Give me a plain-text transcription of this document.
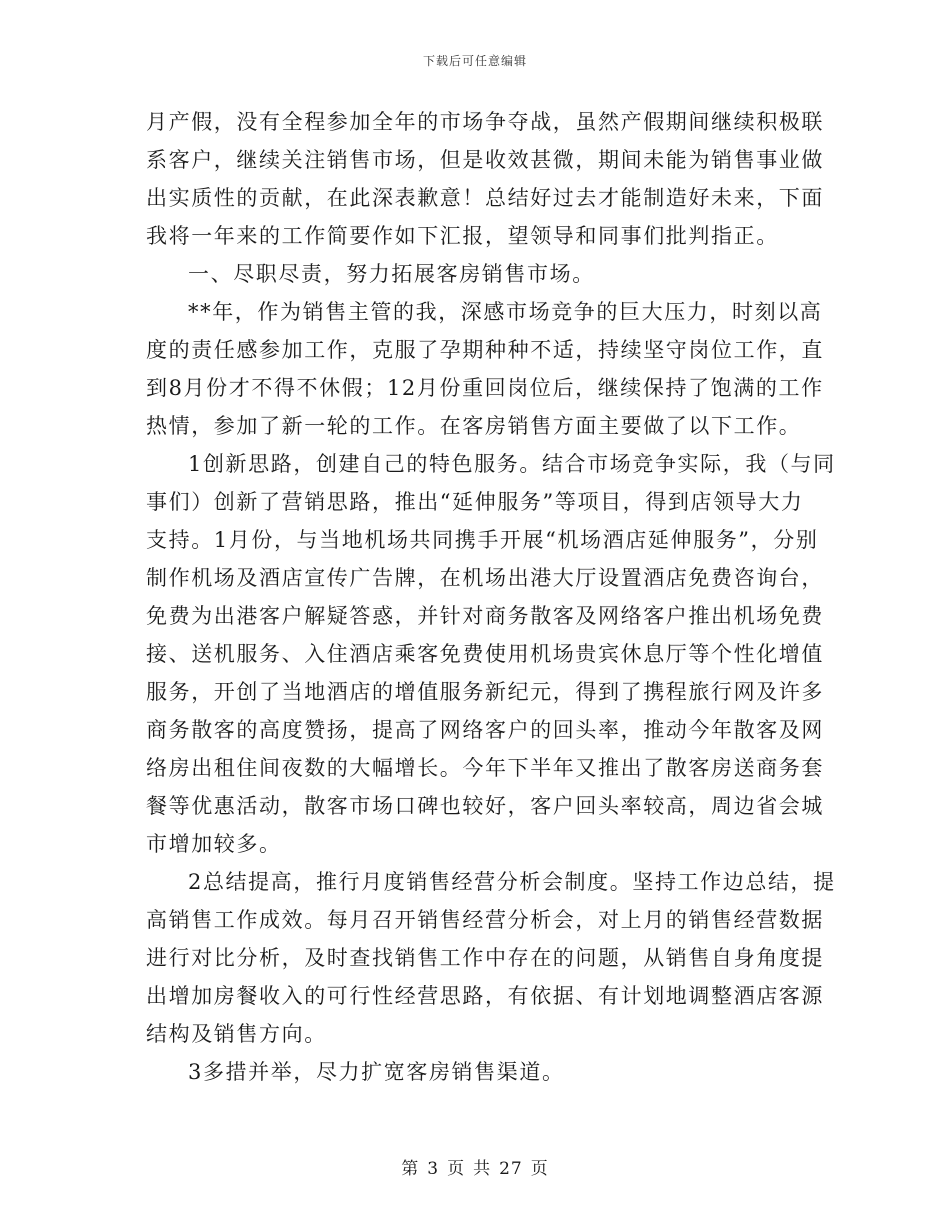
下载后可任意编辑
月产假，没有全程参加全年的市场争夺战，虽然产假期间继续积极联
系客户，继续关注销售市场，但是收效甚微，期间未能为销售事业做
出实质性的贡献，在此深表歉意！总结好过去才能制造好未来，下面
我将一年来的工作简要作如下汇报，望领导和同事们批判指正。
一、尽职尽责，努力拓展客房销售市场。
**年，作为销售主管的我，深感市场竞争的巨大压力，时刻以高
度的责任感参加工作，克服了孕期种种不适，持续坚守岗位工作，直
到8月份才不得不休假；12月份重回岗位后，继续保持了饱满的工作
热情，参加了新一轮的工作。在客房销售方面主要做了以下工作。
1创新思路，创建自己的特色服务。结合市场竞争实际，我（与同
事们）创新了营销思路，推出“延伸服务”等项目，得到店领导大力
支持。1月份，与当地机场共同携手开展“机场酒店延伸服务”，分别
制作机场及酒店宣传广告牌，在机场出港大厅设置酒店免费咨询台，
免费为出港客户解疑答惑，并针对商务散客及网络客户推出机场免费
接、送机服务、入住酒店乘客免费使用机场贵宾休息厅等个性化增值
服务，开创了当地酒店的增值服务新纪元，得到了携程旅行网及许多
商务散客的高度赞扬，提高了网络客户的回头率，推动今年散客及网
络房出租住间夜数的大幅增长。今年下半年又推出了散客房送商务套
餐等优惠活动，散客市场口碑也较好，客户回头率较高，周边省会城
市增加较多。
2总结提高，推行月度销售经营分析会制度。坚持工作边总结，提
高销售工作成效。每月召开销售经营分析会，对上月的销售经营数据
进行对比分析，及时查找销售工作中存在的问题，从销售自身角度提
出增加房餐收入的可行性经营思路，有依据、有计划地调整酒店客源
结构及销售方向。
3多措并举，尽力扩宽客房销售渠道。
第 3 页 共 27 页
